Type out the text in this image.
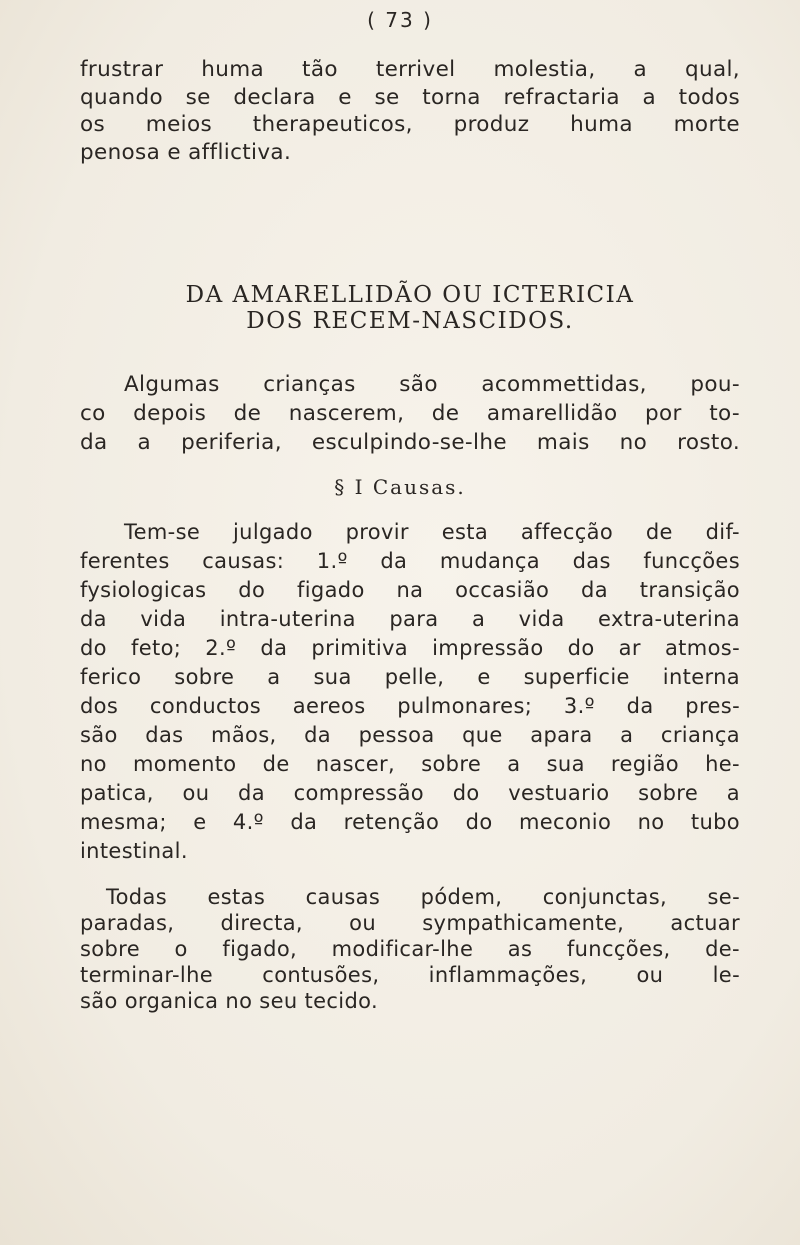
( 73 )

frustrar huma tão terrivel molestia, a qual,
quando se declara e se torna refractaria a todos
os meios therapeuticos, produz huma morte
penosa e afflictiva.

DA AMARELLIDÃO OU ICTERICIA
DOS RECEM-NASCIDOS.

Algumas crianças são acommettidas, pou-
co depois de nascerem, de amarellidão por to-
da a periferia, esculpindo-se-lhe mais no rosto.

§ I Causas.

Tem-se julgado provir esta affecção de dif-
ferentes causas: 1.º da mudança das funcções
fysiologicas do figado na occasião da transição
da vida intra-uterina para a vida extra-uterina
do feto; 2.º da primitiva impressão do ar atmos-
ferico sobre a sua pelle, e superficie interna
dos conductos aereos pulmonares; 3.º da pres-
são das mãos, da pessoa que apara a criança
no momento de nascer, sobre a sua região he-
patica, ou da compressão do vestuario sobre a
mesma; e 4.º da retenção do meconio no tubo
intestinal.

Todas estas causas pódem, conjunctas, se-
paradas, directa, ou sympathicamente, actuar
sobre o figado, modificar-lhe as funcções, de-
terminar-lhe contusões, inflammações, ou le-
são organica no seu tecido.
